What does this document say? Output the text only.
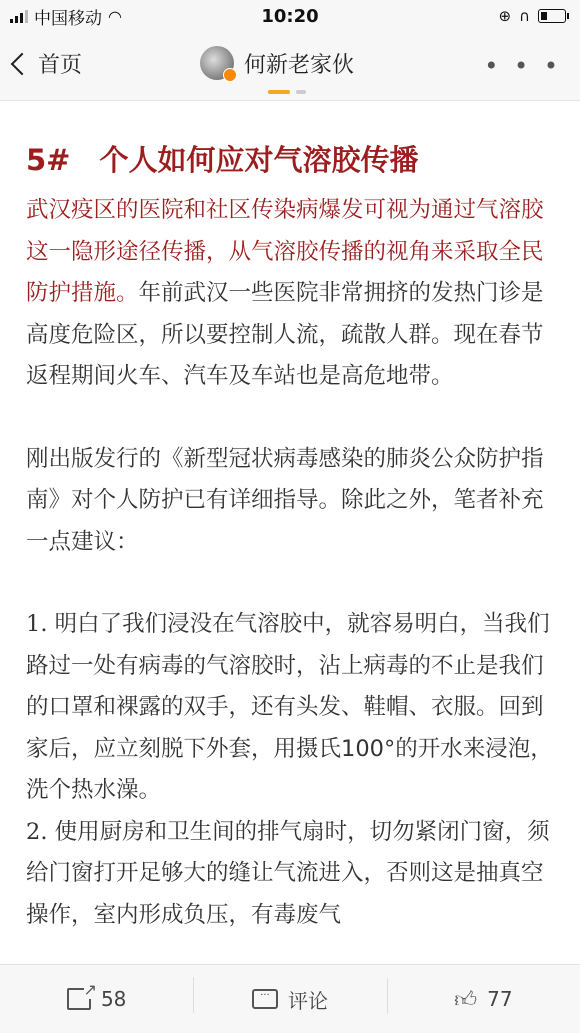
中国移动 ◠	10:20	⊕ ∩
首页	何新老家伙	• • •
5#　个人如何应对气溶胶传播

武汉疫区的医院和社区传染病爆发可视为通过气溶胶这一隐形途径传播，从气溶胶传播的视角来采取全民防护措施。年前武汉一些医院非常拥挤的发热门诊是高度危险区，所以要控制人流，疏散人群。现在春节返程期间火车、汽车及车站也是高危地带。

刚出版发行的《新型冠状病毒感染的肺炎公众防护指南》对个人防护已有详细指导。除此之外，笔者补充一点建议：

1. 明白了我们浸没在气溶胶中，就容易明白，当我们路过一处有病毒的气溶胶时，沾上病毒的不止是我们的口罩和裸露的双手，还有头发、鞋帽、衣服。回到家后，应立刻脱下外套，用摄氏100°的开水来浸泡，洗个热水澡。

2. 使用厨房和卫生间的排气扇时，切勿紧闭门窗，须给门窗打开足够大的缝让气流进入，否则这是抽真空操作，室内形成负压，有毒废气

↗
58	··· 评论	👍︎ 77
